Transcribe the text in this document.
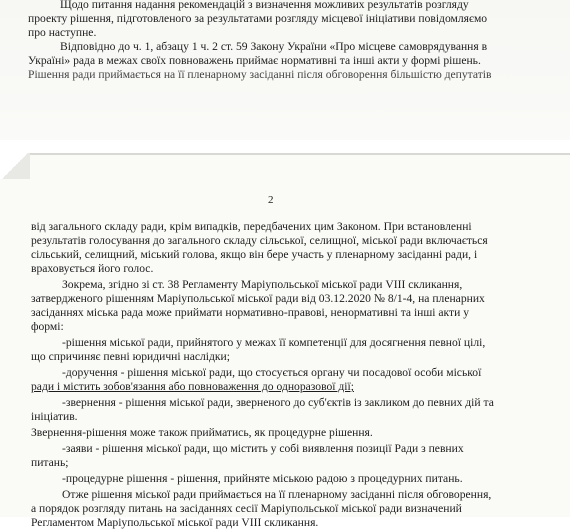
Щодо питання надання рекомендацій з визначення можливих результатів розгляду
проекту рішення, підготовленого за результатами розгляду місцевої ініціативи повідомляємо
про наступне.
Відповідно до ч. 1, абзацу 1 ч. 2 ст. 59 Закону України «Про місцеве самоврядування в
Україні» рада в межах своїх повноважень приймає нормативні та інші акти у формі рішень.
Рішення ради приймається на її пленарному засіданні після обговорення більшістю депутатів
2
від загального складу ради, крім випадків, передбачених цим Законом. При встановленні
результатів голосування до загального складу сільської, селищної, міської ради включається
сільський, селищний, міський голова, якщо він бере участь у пленарному засіданні ради, і
враховується його голос.
Зокрема, згідно зі ст. 38 Регламенту Маріупольської міської ради VIII скликання,
затвердженого рішенням Маріупольської міської ради від 03.12.2020 № 8/1-4, на пленарних
засіданнях міська рада може приймати нормативно-правові, ненормативні та інші акти у
формі:
-рішення міської ради, прийнятого у межах її компетенції для досягнення певної цілі,
що спричиняє певні юридичні наслідки;
-доручення - рішення міської ради, що стосується органу чи посадової особи міської
ради і містить зобов'язання або повноваження до одноразової дії;
-звернення - рішення міської ради, зверненого до суб'єктів із закликом до певних дій та
ініціатив.
Звернення-рішення може також прийматись, як процедурне рішення.
-заяви - рішення міської ради, що містить у собі виявлення позиції Ради з певних
питань;
-процедурне рішення - рішення, прийняте міською радою з процедурних питань.
Отже рішення міської ради приймається на її пленарному засіданні після обговорення,
а порядок розгляду питань на засіданнях сесії Маріупольської міської ради визначений
Регламентом Маріупольської міської ради VIII скликання.
